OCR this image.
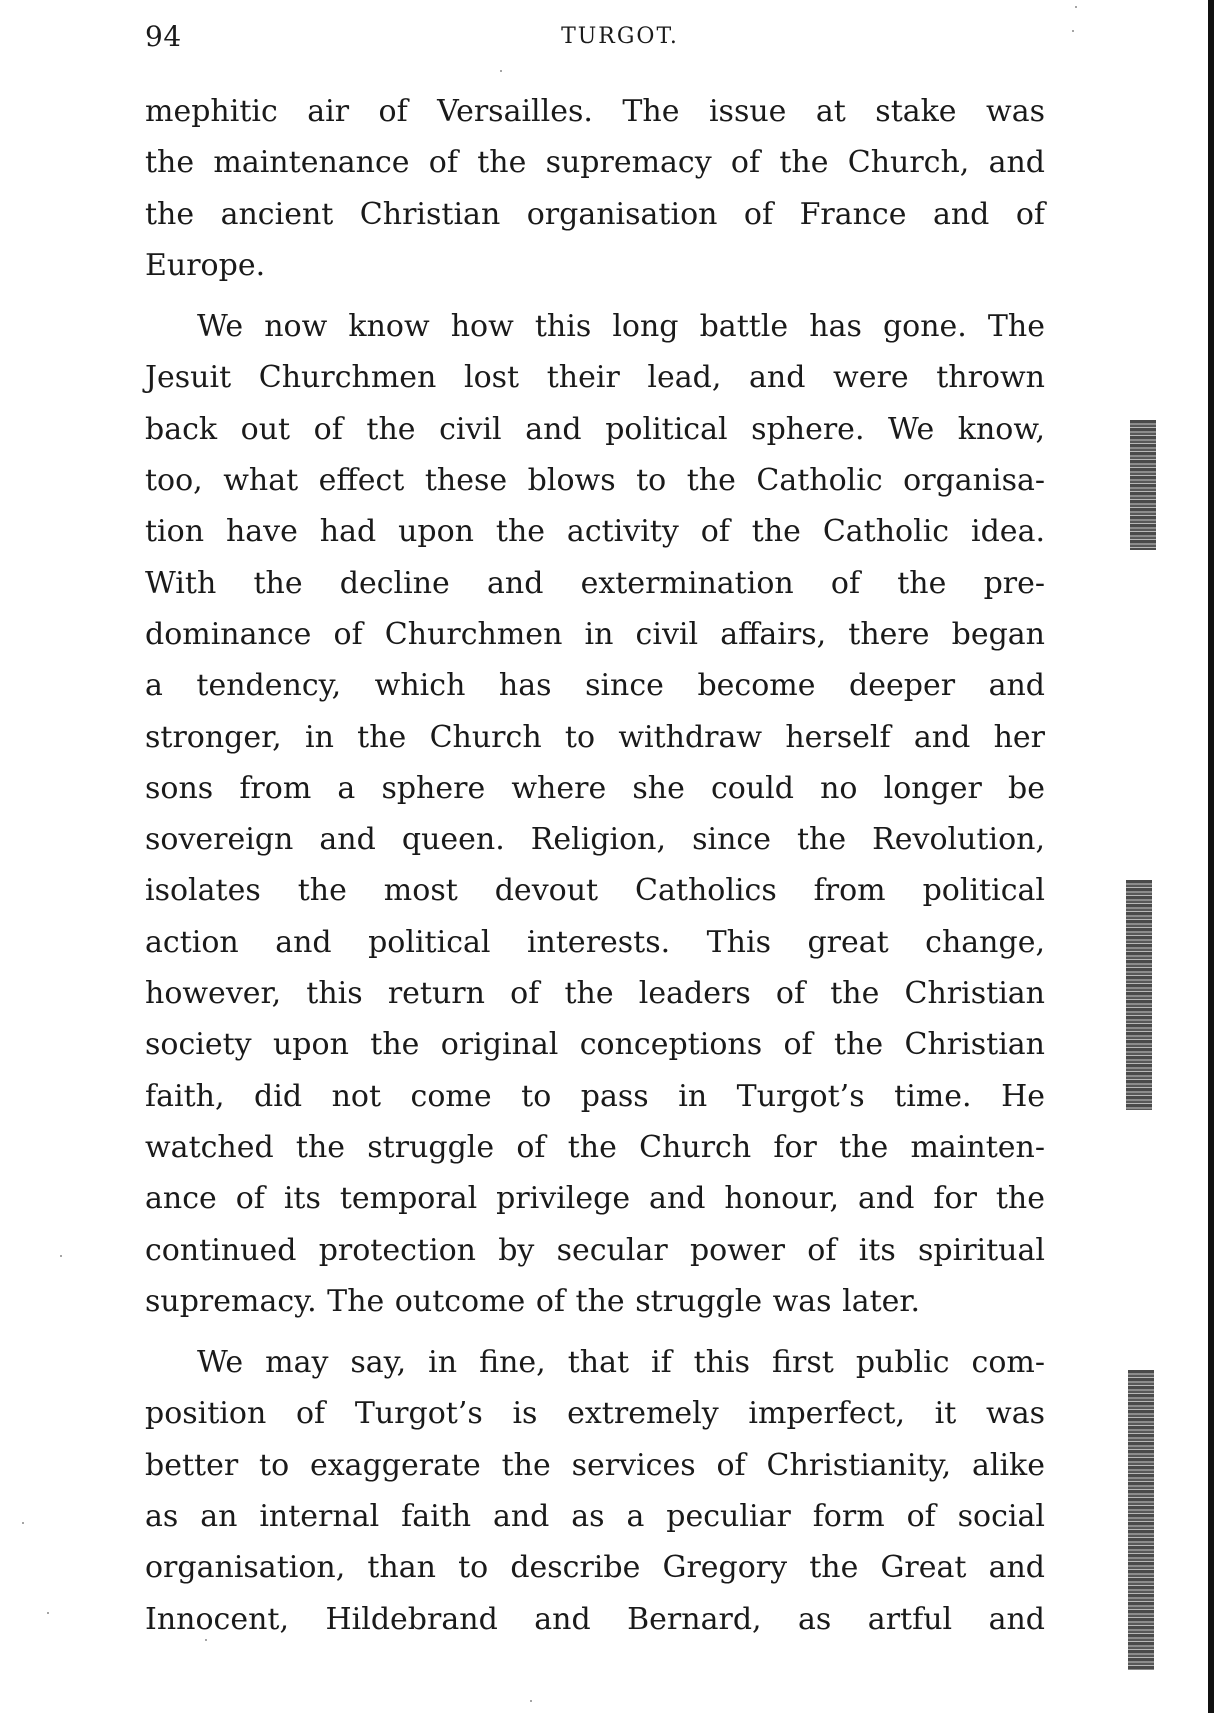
94	TURGOT.
mephitic air of Versailles. The issue at stake was
the maintenance of the supremacy of the Church, and
the ancient Christian organisation of France and of
Europe.
We now know how this long battle has gone. The
Jesuit Churchmen lost their lead, and were thrown
back out of the civil and political sphere. We know,
too, what effect these blows to the Catholic organisa-
tion have had upon the activity of the Catholic idea.
With the decline and extermination of the pre-
dominance of Churchmen in civil affairs, there began
a tendency, which has since become deeper and
stronger, in the Church to withdraw herself and her
sons from a sphere where she could no longer be
sovereign and queen. Religion, since the Revolution,
isolates the most devout Catholics from political
action and political interests. This great change,
however, this return of the leaders of the Christian
society upon the original conceptions of the Christian
faith, did not come to pass in Turgot’s time. He
watched the struggle of the Church for the mainten-
ance of its temporal privilege and honour, and for the
continued protection by secular power of its spiritual
supremacy. The outcome of the struggle was later.
We may say, in fine, that if this first public com-
position of Turgot’s is extremely imperfect, it was
better to exaggerate the services of Christianity, alike
as an internal faith and as a peculiar form of social
organisation, than to describe Gregory the Great and
Innocent, Hildebrand and Bernard, as artful and
